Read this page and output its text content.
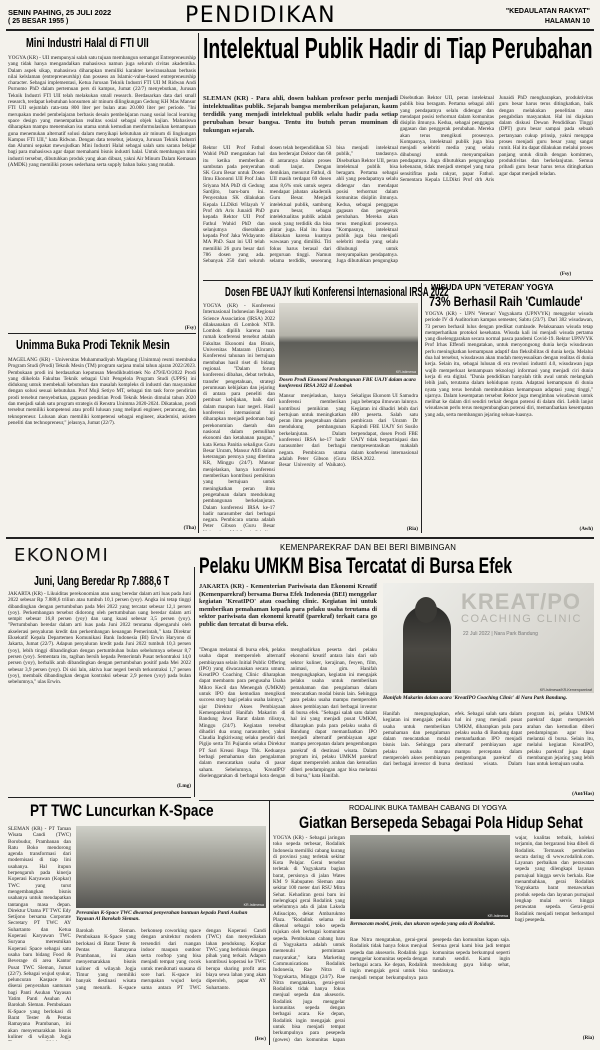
SENIN PAHING, 25 JULI 2022
( 25 BESAR 1955 )	PENDIDIKAN	"KEDAULATAN RAKYAT"
HALAMAN 10
Mini Industri Halal di FTI UII
YOGYA (KR) - UII mempunyai salah satu tujuan membangun semangat Entrepreneurship yang tidak hanya mengandalkan mahasiswa namun juga seluruh civitas akademika. Dalam aspek sikap, mahasiswa diharapkan memiliki karakter kewirausahaan berbasis nilai kelslaman (entrepreneurship) dan possess an Islamic-value-based entrepreneurship character. Sebagai implementasi, Ketua Jurusan Teknik Industri FTI UII M Ridwan Andi Purnomo PhD dalam pertemuan pers di kampus, Jumat (22/7) menyebutkan, Jurusan Teknik Industri FTI UII telah melakukan small research. Berdasarkan data dari small research, terdapat kebutuhan konsumen air minum dilingkungan Gedung KH Mas Mansur FTI UII sejumlah rata-rata 800 liter per bulan atau 20.000 liter per periode. "Ini merupakan model pembelajaran berbasis desain pembelajaran ruang sosial local learning space design yang menempatkan realitas sosial sebagai objek kajian. Mahasiswa diharapkan mampu menemukan isu utama untuk kemudian menformulasikan kemampuan guna menemukan alternatif solusi dalam menyikapi kebutuhan air minum di lingkungan Kampus FTI UII," kata Ridwan. Dengan data tersebut, jelasnya, Jurusan Teknik Industri dan Alumni sepakat mewujudkan Mini Industri Halal sebagai salah satu sarana belajar bagi para mahasiswa agar dapat memahami bisnis industri halal. Untuk membangun mini industri tersebut, dibutuhkan produk yang akan dibuat, yakni Air Minum Dalam Kemasan (AMDK) yang memiliki proses sederhana serta supply bahan baku yang mudah.
(Fsy)
Unimma Buka Prodi Teknik Mesin
MAGELANG (KR) - Universitas Muhammadiyah Magelang (Unimma) resmi membuka Program Studi (Prodi) Teknik Mesin (TM) program sarjana mulai tahun ajaran 2022/2023. Pembukaan prodi ini berdasarkan keputusan Mendikbudristek No 479/E/O/2022 Prodi yang diikelola Fakultas Teknik sebagai Unit Pengelola Program Studi (UPPS) ini didukung untuk membekali kebutuhan dan masalah kompleks di industri dan masyarakat dengan solusi sesuai kebutuhan. Prof Muji Setiyo MT, sebagai tim task force pendirian prodi tersebut menyebutkan, gagasan pendirian Prodi Teknik Mesin dimulai tahun 2020 dan menjadi salah satu program strategis di Renstra Unimma 2020-2024. Dikatakan, prodi tersebut memiliki kompetensi atau profil lulusan yang meliputi engineer, perancang, dan teknopreneur. Lulusan akan memiliki kompetensi sebagai engineer, akademisi, asisten peneliti dan technopreneur," jelasnya, Jumat (22/7).
(Tha)
Intelektual Publik Hadir di Tiap Perubahan
SLEMAN (KR) - Para ahli, dosen bahkan profesor perlu menjadi intelektualitas publik. Sejarah bangsa memberikan pelajaran, kaum terdidik yang menjadi intelektual publik selalu hadir pada setiap perubahan besar bangsa. Tentu itu butuh peran muminan di tukungan sejarah.
Rektor UII Prof Fathul Wahid PhD mengatakan hal itu ketika memberikan sambutan pada penyerahan SK Guru Besar untuk Dosen Ilmu Ekonomi UII Prof Jaka Sriyana MA PhD di Gedung Sardjito, baru-baru ini. Penyerahan SK dilakukan Kepala LLDikti Wilayah V Prof drh Aris Junaidi PhD kepada Rektor UII Prof Fathul Wahid PhD dan selanjutnya diserahkan kepada Prof Jaka Widayanto MA PhD. Saat ini UII telah memiliki 26 guru besar dari 786 dosen yang ada. Sebanyak 250 dari seluruh dosen telah berpendidikan S3 dan berderajat Doktor dan 68 di antaranya dalam proses studi lanjut. Dengan demikian, menurut Fathul, di UII masih terdapat 69 dosen atau 8,6% stok untuk segera mendapat jabatan akademik Guru Besar. Menjadi intelektual publik, sambung guru besar, sebagai intelektualitas publik adalah sosok yang terdidik dia bisa pintar juga. Hal itu biasa dilakukan karena kuatnya wawasan yang dimiliki. Titi fokus harus berasal dari perguruan tinggi. Namun selama terdidik, seseorang bisa menjadi intelektual publik," tandasnya. Disebutkan Rektor UII, peran intelektual publik bisa beragam. Pertama sebagai ahli yang pendapatnya selalu didengar dan mendapat posisi terhormat dalam komunitas disiplin ilmunya. Kedua, sebagai penggagas gagasan dan penggerak perubahan. Mereka akan terus mengikuti prosesnya. "Kompasnya, intelektual publik juga bisa menjadi selebriti media yang selalu dihubungi untuk menyampaikan pendapatnya. Juga dibutuhkan pengungkap
Disebutkan Rektor UII, peran intelektual publik bisa beragam. Pertama sebagai ahli yang pendapatnya selalu didengar dan mendapat posisi terhormat dalam komunitas disiplin ilmunya. Kedua, sebagai penggagas gagasan dan penggerak perubahan. Mereka akan terus mengikuti prosesnya. Kompasnya, intelektual publik juga bisa menjadi selebriti media yang selalu dihubungi untuk menyampaikan pendapatnya. Juga dibutuhkan pengungkap kebenaran, tidak menjadi stempel yang tuna sensitifitas pada rakyat, papar Fathul. Sementara Kepala LLDikti Prof drh Aris Junaidi PhD mengharapkan, produktivitas guru besar harus terus ditingkatkan, baik dengan melakukan penelitian atau pengabdian masyarakat. Hal ini diajukan dalam diskusi Dewan Pendidikan Tinggi (DPT) guru besar sampai pada sebuah pertanyaan cukup prinsip, yakni mengapa proses menjadi guru besar yang sangat rumit. Hal itu dapat dilakukan melalui proses panjang untuk diraih dengan komitmen, produktivitas dan berkelanjutan. Semua pribadi guru besar harus terus ditingkatkan agar dapat menjadi teladan.
(Fsy)
Dosen FBE UAJY Ikuti Konferensi Internasional IRSA 2022
YOGYA (KR) - Konferensi Internasional Indonesian Regional Science Association (IRSA) 2022 dilaksanakan di Lombok NTB. Lombok dipilih karena tuan rumah konferensi tersebut adalah Fakultas Ekonomi dan Bisnis, Universitas Mataram (Unram). Konferensi tahunan ini bertujuan membahas hasil riset di bidang regional. "Dalam forum konferensi dibahas, debat terbuka, transfer pengetahuan, strategi perumusan kebijakan dan jejaring di antara para peneliti dan pembuat kebijakan, baik dari dalam maupun luar negeri. Hasil konferensi internasional ini diharapkan menjadi pedoman bagi perekonomian daerah dan nasional dalam pemulihan ekonomi dan ketahanan pangan," kata Ketua Panitia sekaligus Guru Besar Unram, Mansur Afifi dalam keterangan persnya yang diterima KR, Minggu (24/7). Mansur menjelaskan, hanya konferensi memberikan kontribusi pemikiran yang bertujuan untuk meningkatkan peran ilmu pengetahuan dalam mendukung pembangunan berkelanjutan. Dalam konferensi IRSA ke-17 hadir narasumber dari berbagai negara. Pembicara utama adalah Peter Gibson (Guru Besar
KR-istimewa
Dosen Prodi Ekonomi Pembangunan FBE UAJY dalam acara konferensi IRSA 2022 di Lombok
Mansur menjelaskan, hanya konferensi memberikan kontribusi pemikiran yang bertujuan untuk meningkatkan peran ilmu pengetahuan dalam mendukung pembangunan berkelanjutan. Dalam konferensi IRSA ke-17 hadir narasumber dari berbagai negara. Pembicara utama adalah Peter Gibson (Guru Besar University of Waikato). Sekaligus Ekonom UI Samudra juga beberapa ilmuwan lainnya. Kegiatan ini dihadiri lebih dari 400 peserta. Salah satu pembicara dari Unram Dr Kapindi FBE UAJY Sri Susilo berpendapat, dosen Prodi FBE UAJY tidak berpartisipasi dan mempresentasikan makalah dalam konferensi internasional IRSA 2022.
(Ria)
WISUDA UPN 'VETERAN' YOGYA
73% Berhasil Raih 'Cumlaude'
YOGYA (KR) - UPN 'Veteran' Yogyakarta (UPNVYK) menggelar wisuda periode IV di Auditorium kampus semester, Sabtu (23/7). Dari 382 wisudawan, 73 persen berhasil lulus dengan predikat cumlaude. Pelaksanaan wisuda tetap memperhatikan protokol kesehatan. Wisuda kali ini menjadi wisuda pertama yang diselenggarakan secara normal pasca pandemi Covid-19. Rektor UPNVYK Prof Irhas Effendi mengatakan, untuk menyongsong dunia kerja wisudawan perlu meningkatkan kemampuan adaptif dan fleksibilitas di dunia kerja. Melalui dua hal tersebut, wisudawan akan mudah menyesuaikan dengan realitas di dunia kerja. Selain itu, sebagai lulusan di era revolusi industri 4.0, wisudawan juga wajib memperkuat kemampuan teknologi informasi yang menjadi ciri dunia kerja di era digital. "Dunia pendidikan hanyalah titik awal untuk melangkah lebih jauh, terutama dalam kehidupan nyata. Adaptasi kemampuan di dunia nyata yang terus berubah membutuhkan kemampuan adaptasi yang tinggi," ujarnya. Dalam kesempatan tersebut Rektor juga mengimbau wisudawan untuk melihat ke dalam diri sendiri terkait dengan potensi di dalam diri. Lebih lanjut wisudawan perlu terus mengembangkan potensi diri, memanfaatkan kesempatan yang ada, serta membangun jejaring seluas-luasnya.
(Awh)
EKONOMI	KEMENPAREKRAF DAN BEI BERI BIMBINGAN
Juni, Uang Beredar Rp 7.888,6 T
JAKARTA (KR) - Likuiditas perekonomian atau uang beredar dalam arti luas pada Juni 2022 sebesar Rp 7.888,6 triliun atau tumbuh 10,1 persen (yoy). Angka ini tetap tinggi dibandingkan dengan pertumbuhan pada Mei 2022 yang tercatat sebesar 12,1 persen (yoy). Perkembangan tersebut didorong oleh pertumbuhan uang beredar dalam arti sempit sebesar 16,8 persen (yoy) dan uang kuasi sebesar 3,5 persen (yoy). "Pertumbuhan beredar dalam arti luas pada Juni 2022 terutama dipengaruhi oleh akselerasi penyaluran kredit dan perkembangan keuangan Pemerintah," kata Direktur Eksekutif Kepala Departemen Komunikasi Bank Indonesia (BI) Erwin Haryono di Jakarta, Jumat (22/7). Adapun penyaluran kredit pada Juni 2022 tumbuh 10,3 persen (yoy), lebih tinggi dibandingkan dengan pertumbuhan bulan sebelumnya sebesar 8,7 persen (yoy). Sementara itu, tagihan bersih kepada Pemerintah Pusat terkontraksi 14,0 persen (yoy), berbalik arah dibandingkan dengan pertumbuhan positif pada Mei 2022 sebesar 3,9 persen (yoy). Di sisi lain, aktiva luar negeri bersih terkontraksi 1,7 persen (yoy), membaik dibandingkan dengan kontraksi sebesar 2,9 persen (yoy) pada bulan sebelumnya," ulas Erwin.
(Lmg)
Pelaku UMKM Bisa Tercatat di Bursa Efek
JAKARTA (KR) - Kementerian Pariwisata dan Ekonomi Kreatif (Kemenparekraf) bersama Bursa Efek Indonesia (BEI) menggelar kegiatan 'KreatIPO' atau coaching clinic. Kegiatan ini untuk memberikan pemahaman kepada para pelaku usaha terutama di sektor pariwisata dan ekonomi kreatif (parekraf) terkait cara go public dan tercatat di bursa efek.
"Dengan melantai di bursa efek, pelaku usaha dapat memperoleh alternatif pembiayaan selain Initial Public Offering (IPO) yang diwacanakan secara umum. KreatIPO Coaching Clinic diharapkan dapat membantu para pengusaha Usaha Mikro Kecil dan Menengah (UMKM) untuk IPO dan kemudian mengikuti success story bagi pelaku usaha lainnya," ujar Direktur Akses Pembiayaan Kemenparekraf Hanifah Makarim di Bandung Jawa Barat dalam rilisnya, Minggu (24/7). Kegiatan tersebut dihadiri dua orang narasumber, yakni Claudia Ingkiriwang selaku pendiri dari Pigijo serta Tri Pujiantio selaku Direktur PT Sari Kreasi Boga Tbk. Keduanya berbagi pemahaman dan pengalaman dalam mencatatkan usaha di pasar saham. Sebelumnya, 'KreatIPO' diselenggarakan di berbagai kota dengan menghadirkan peserta dari pelaku ekonomi kreatif antara lain dari sub sektor kuliner, kerajinan, fesyen, film, animasi, dan gim. Hanifah mengungkapkan, kegiatan ini mengajak pelaku usaha untuk memberikan pemahaman dan pengalaman dalam mencatatkan modal bisnis lain. Sehingga para pelaku usaha mampu memperoleh akses pembiayaan dari berbagai investor di bursa efek. "Sebagai salah satu dalam hal ini yang menjadi pusat UMKM, diharapkan pula para pelaku usaha di Bandung dapat memanfaatkan IPO menjadi alternatif pembiayaan agar mampu percepatan dalam pengembangan parekraf di destinasi wisata. Dalam program ini, pelaku UMKM parekraf dapat memperoleh arahan dan kemudian diberi pendampingan agar bisa melantai di bursa," kata Hanifah.
KREAT/PO
COACHING CLINIC
22 Juli 2022 | Nara Park Bandung
KR-Istimewa/KR-Kemenparekraf
Hanifah Makarim dalam acara 'KreatIPO Coaching Clinic' di Nara Park Bandung.
Hanifah mengungkapkan, kegiatan ini mengajak pelaku usaha untuk memberikan pemahaman dan pengalaman dalam mencatatkan modal bisnis lain. Sehingga para pelaku usaha mampu memperoleh akses pembiayaan dari berbagai investor di bursa efek. Sebagai salah satu dalam hal ini yang menjadi pusat UMKM, diharapkan pula para pelaku usaha di Bandung dapat memanfaatkan IPO menjadi alternatif pembiayaan agar mampu percepatan dalam pengembangan parekraf di destinasi wisata. Dalam program ini, pelaku UMKM parekraf dapat memperoleh arahan dan kemudian diberi pendampingan agar bisa melantai di bursa. Selain itu, melalui kegiatan KreatIPO, pelaku parekraf juga dapat membangun jejaring yang lebih luas untuk kemajuan usaha.
(Ant/Has)
PT TWC Luncurkan K-Space
SLEMAN (KR) - PT Taman Wisata Candi (TWC) Borobudur, Prambanan dan Ratu Boko mendorong agenda transformasi dari modernisasi di tiap lini usahanya. Hal itupun berpengaruh pada kinerja Koperasi Karyawan (Kopkar) TWC yang turut mengembangkan bisnis usahanya untuk mendapatkan tantangan masa depan. Direktur Utama PT TWC Edy Setijono bersama Corporate Secretary PT TWC AY Suhartanto dan Ketua Koperasi Karyawan TWC Suryana meresmikan Koperasi Space sebagai satu usaha baru bidang Food & Beverage di area Kantor Pusat TWC Sleman, Jumat (22/7). Sebagai wujud syukur, peluncuran Kaspace ini diserai penyerahan santunan bagi Panti Asuhan Yayasan Yatim Panti Asuhan Al Barokah Sleman. Pembukaan K-Space yang berlokasi di Barat Tester & Pentas Ramayana Prambanan, ini akan menyemarakkan bisnis kuliner di wilayah Jogja
KR-Istimewa
Peresmian K-Space TWC diwarnai penyerahan bantuan kepada Panti Asuhan Yayasan Al Barokah Sleman.
Barokah Sleman. Pembukaan K-Space yang berlokasi di Barat Tester & Pentas Ramayana Prambanan, ini akan menyemarakkan bisnis kuliner di wilayah Jogja Timur yang memiliki banyak destinasi wisata yang menarik. K-space berkonsep coworking space dengan arsitektur modern tersendiri dari ruangan indoor maupun outdoor serta rooftop yang bisa menjadi tempat yang cocok untuk menikmati suasana di sore hari. K-space ini merupakan wujud kerja sama antara PT TWC dengan Koperasi Candi (TWC) dan menyediakan lahan pendukung. Kopkar TWC yang berbisnis dengan pihak yang terkait. Adapun kontribusi koperasi ke TWC berupa sharing profit atas biaya sewa lahan yang akan diperoleh, papar AY Suhartanto.
(Isw)
RODALINK BUKA TAMBAH CABANG DI YOGYA
Giatkan Bersepeda Sebagai Pola Hidup Sehat
YOGYA (KR) - Sebagai jaringan toko sepeda terbesar, Rodalink Indonesia memiliki cabang kurang di provinsi yang terletak sekitar Kota Pelajar. Gerai tersebut terletak di Yogyakarta bagian barat, persisnya di jalan Wates KM 9 Kabupaten Sleman atau sekitar 100 meter dari RSU Mitra Sehat. Kehadiran gerai baru ini melengkapi gerai Rodalink yang sebelumnya ada di jalan Laksda Adisucipto, dekat Ambarukmo Plaza. "Rodalink selama ini dikenal sebagai toko sepeda rujukan oleh berbagai komunitas sepeda. Pembukaan cabang baru di Yogyakarta adalah untuk memenuhi permintaan masyarakat," kata Marketing Communications Rodalink Indonesia, Rae Nitra di Yogyakarta, Minggu (24/7). Rae Nitra mengatakan, gerai-gerai Rodalink tidak hanya fokus menjual sepeda dan aksesoris. Rodalink juga menggelar komunitas sepeda dengan berbagai acara. Ke depan, Rodalink ingin mengajak gerai untuk bisa menjadi tempat berkumpulnya para pesepeda (gowes) dan komunitas kapan
KR-Istimewa
Bermacam model, jenis, dan ukuran sepeda yang ada di Rodalink.
Rae Nitra mengatakan, gerai-gerai Rodalink tidak hanya fokus menjual sepeda dan aksesoris. Rodalink juga menggelar komunitas sepeda dengan berbagai acara. Ke depan, Rodalink ingin mengajak gerai untuk bisa menjadi tempat berkumpulnya para pesepeda dan komunitas kapan saja. Semua gerai kami bisa jadi tempat komunitas sepeda berkumpul seperti rumah sendiri. Kami ingin mendukung gaya hidup sehat, tandasnya.
wajar, kualitas terbaik, koleksi terjamin, dan bergaransi bisa dibeli di Rodalink. Termasuk pembelian secara daring di www.rodalink.com. Layanan perbaikan dan perawatan sepeda yang dilengkapi layanan purnajual hingga servis berkala. Rae menambahkan, gerai Rodalink Yogyakarta barat menawarkan produk sepeda dan layanan purnajual lengkap mulai servis hingga perawatan sepeda. Gerai-gerai Rodalink menjadi tempat berkumpul bagi pesepeda.
(Ria)
